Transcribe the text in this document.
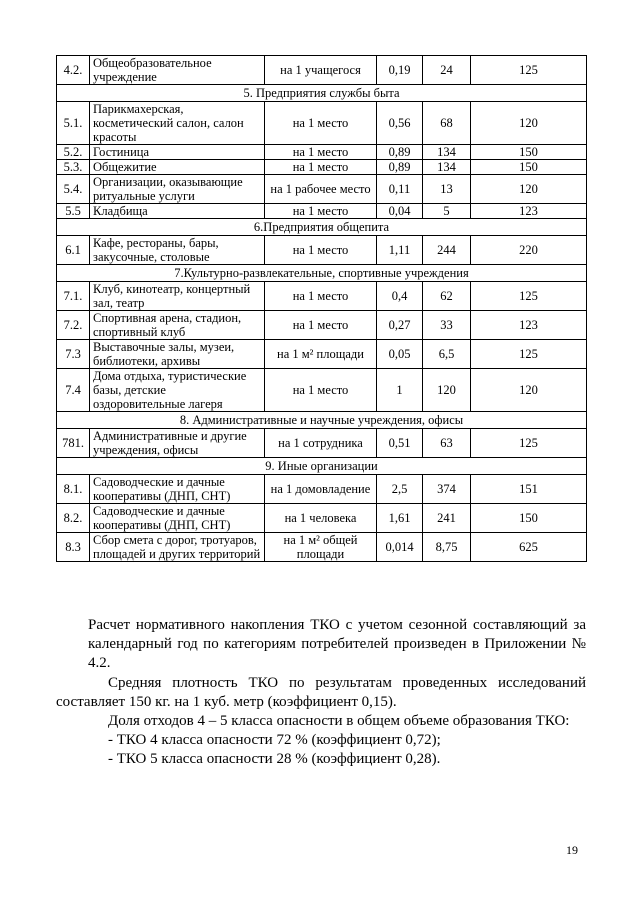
4.2.	Общеобразовательное учреждение	на 1 учащегося	0,19	24	125
5. Предприятия службы быта					
5.1.	Парикмахерская, косметический салон, салон красоты	на 1 место	0,56	68	120
5.2.	Гостиница	на 1 место	0,89	134	150
5.3.	Общежитие	на 1 место	0,89	134	150
5.4.	Организации, оказывающие ритуальные услуги	на 1 рабочее место	0,11	13	120
5.5	Кладбища	на 1 место	0,04	5	123
6.Предприятия общепита					
6.1	Кафе, рестораны, бары, закусочные, столовые	на 1 место	1,11	244	220
7.Культурно-развлекательные, спортивные учреждения					
7.1.	Клуб, кинотеатр, концертный зал, театр	на 1 место	0,4	62	125
7.2.	Спортивная арена, стадион, спортивный клуб	на 1 место	0,27	33	123
7.3	Выставочные залы, музеи, библиотеки, архивы	на 1 м² площади	0,05	6,5	125
7.4	Дома отдыха, туристические базы, детские оздоровительные лагеря	на 1 место	1	120	120
8. Административные и научные учреждения, офисы					
781.	Административные и другие учреждения, офисы	на 1 сотрудника	0,51	63	125
9. Иные организации					
8.1.	Садоводческие и дачные кооперативы (ДНП, СНТ)	на 1 домовладение	2,5	374	151
8.2.	Садоводческие и дачные кооперативы (ДНП, СНТ)	на 1 человека	1,61	241	150
8.3	Сбор смета с дорог, тротуаров, площадей и других территорий	на 1 м² общей площади	0,014	8,75	625
Расчет нормативного накопления ТКО с учетом сезонной составляющий за календарный год по категориям потребителей произведен в Приложении № 4.2.
Средняя плотность ТКО по результатам проведенных исследований составляет 150 кг. на 1 куб. метр (коэффициент 0,15).
Доля отходов 4 – 5 класса опасности в общем объеме образования ТКО:
- ТКО 4 класса опасности 72 % (коэффициент 0,72);
- ТКО 5 класса опасности 28 % (коэффициент 0,28).
19
